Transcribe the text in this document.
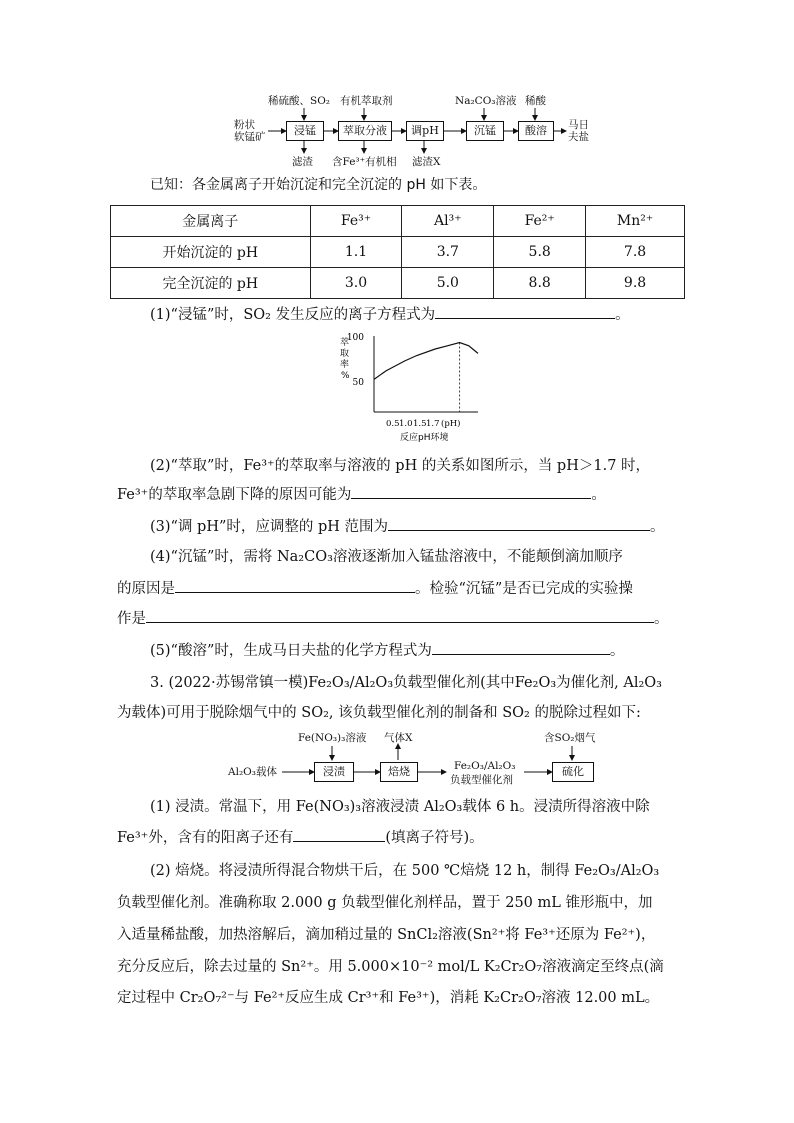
粉状
软锰矿	浸锰	萃取分液	调pH	沉锰	酸溶
稀硫酸、SO₂ 有机萃取剂	Na₂CO₃溶液 稀酸
马日
夫盐
滤渣 含Fe³⁺有机相 滤渣X
已知：各金属离子开始沉淀和完全沉淀的 pH 如下表。
金属离子	Fe³⁺	Al³⁺	Fe²⁺	Mn²⁺
开始沉淀的 pH	1.1	3.7	5.8	7.8
完全沉淀的 pH	3.0	5.0	8.8	9.8
(1)“浸锰”时，SO₂ 发生反应的离子方程式为	。
100
50
萃
取
率
%
0.5 1.0 1.5 1.7 (pH)
反应pH环境
(2)“萃取”时，Fe³⁺的萃取率与溶液的 pH 的关系如图所示，当 pH＞1.7 时，
Fe³⁺的萃取率急剧下降的原因可能为	。
(3)“调 pH”时，应调整的 pH 范围为	。
(4)“沉锰”时，需将 Na₂CO₃溶液逐渐加入锰盐溶液中，不能颠倒滴加顺序
的原因是	。检验“沉锰”是否已完成的实验操
作是	。
(5)“酸溶”时，生成马日夫盐的化学方程式为	。
3. (2022·苏锡常镇一模)Fe₂O₃/Al₂O₃负载型催化剂(其中Fe₂O₃为催化剂, Al₂O₃
为载体)可用于脱除烟气中的 SO₂, 该负载型催化剂的制备和 SO₂ 的脱除过程如下:
Al₂O₃载体	浸渍	焙烧	硫化
Fe(NO₃)₃溶液 气体X
Fe₂O₃/Al₂O₃
负载型催化剂
含SO₂烟气
(1) 浸渍。常温下，用 Fe(NO₃)₃溶液浸渍 Al₂O₃载体 6 h。浸渍所得溶液中除
Fe³⁺外，含有的阳离子还有	(填离子符号)。
(2) 焙烧。将浸渍所得混合物烘干后，在 500 ℃焙烧 12 h，制得 Fe₂O₃/Al₂O₃
负载型催化剂。准确称取 2.000 g 负载型催化剂样品，置于 250 mL 锥形瓶中，加
入适量稀盐酸，加热溶解后，滴加稍过量的 SnCl₂溶液(Sn²⁺将 Fe³⁺还原为 Fe²⁺)，
充分反应后，除去过量的 Sn²⁺。用 5.000×10⁻² mol/L K₂Cr₂O₇溶液滴定至终点(滴
定过程中 Cr₂O₇²⁻与 Fe²⁺反应生成 Cr³⁺和 Fe³⁺)，消耗 K₂Cr₂O₇溶液 12.00 mL。
